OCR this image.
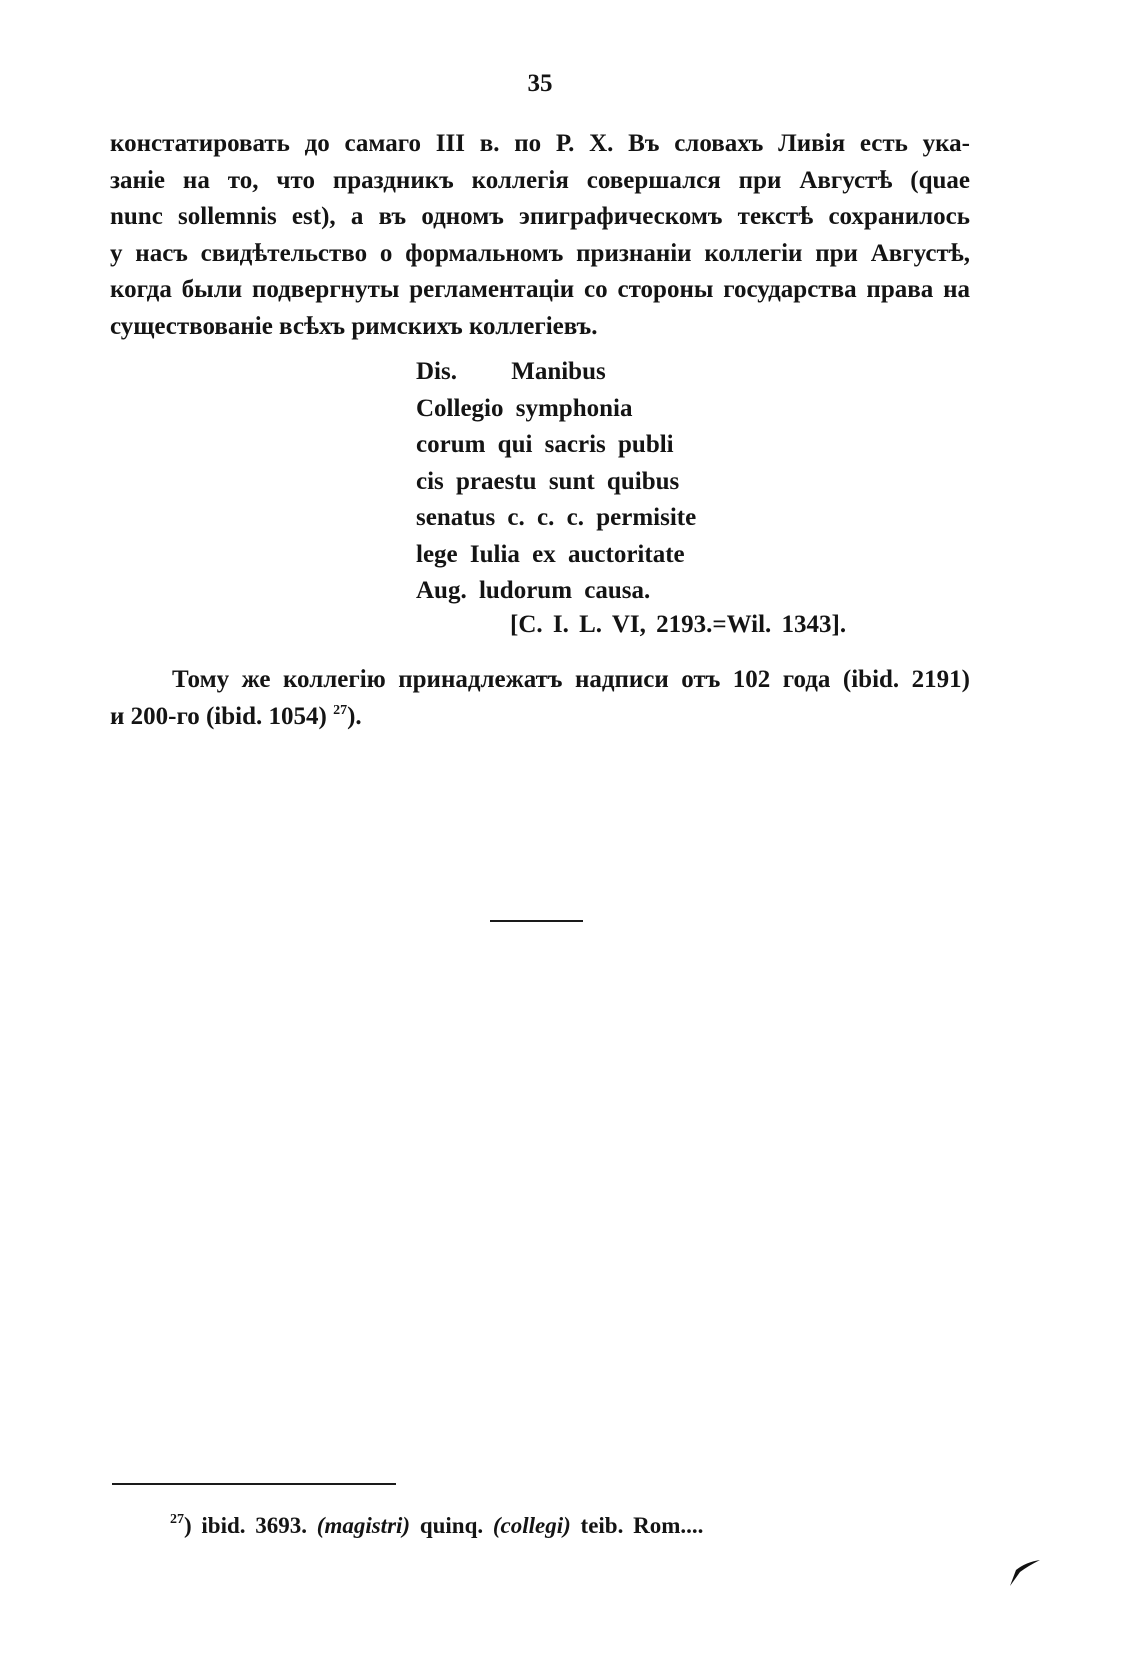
35
констатировать до самаго III в. по Р. Х. Въ словахъ Ливія есть ука-
заніе на то, что праздникъ коллегія совершался при Августѣ (quae
nunc sollemnis est), а въ одномъ эпиграфическомъ текстѣ сохранилось
у насъ свидѣтельство о формальномъ признаніи коллегіи при Августѣ,
когда были подвергнуты регламентаціи со стороны государства права на
существованіе всѣхъ римскихъ коллегіевъ.
Dis. Manibus
Collegio symphonia
corum qui sacris publi
cis praestu sunt quibus
senatus c. c. c. permisite
lege Iulia ex auctoritate
Aug. ludorum causa.
[C. I. L. VI, 2193.=Wil. 1343].
Тому же коллегію принадлежатъ надписи отъ 102 года (ibid. 2191)
и 200-го (ibid. 1054) $^{27}$).
$^{27}$) ibid. 3693. (magistri) quinq. (collegi) teib. Rom....
